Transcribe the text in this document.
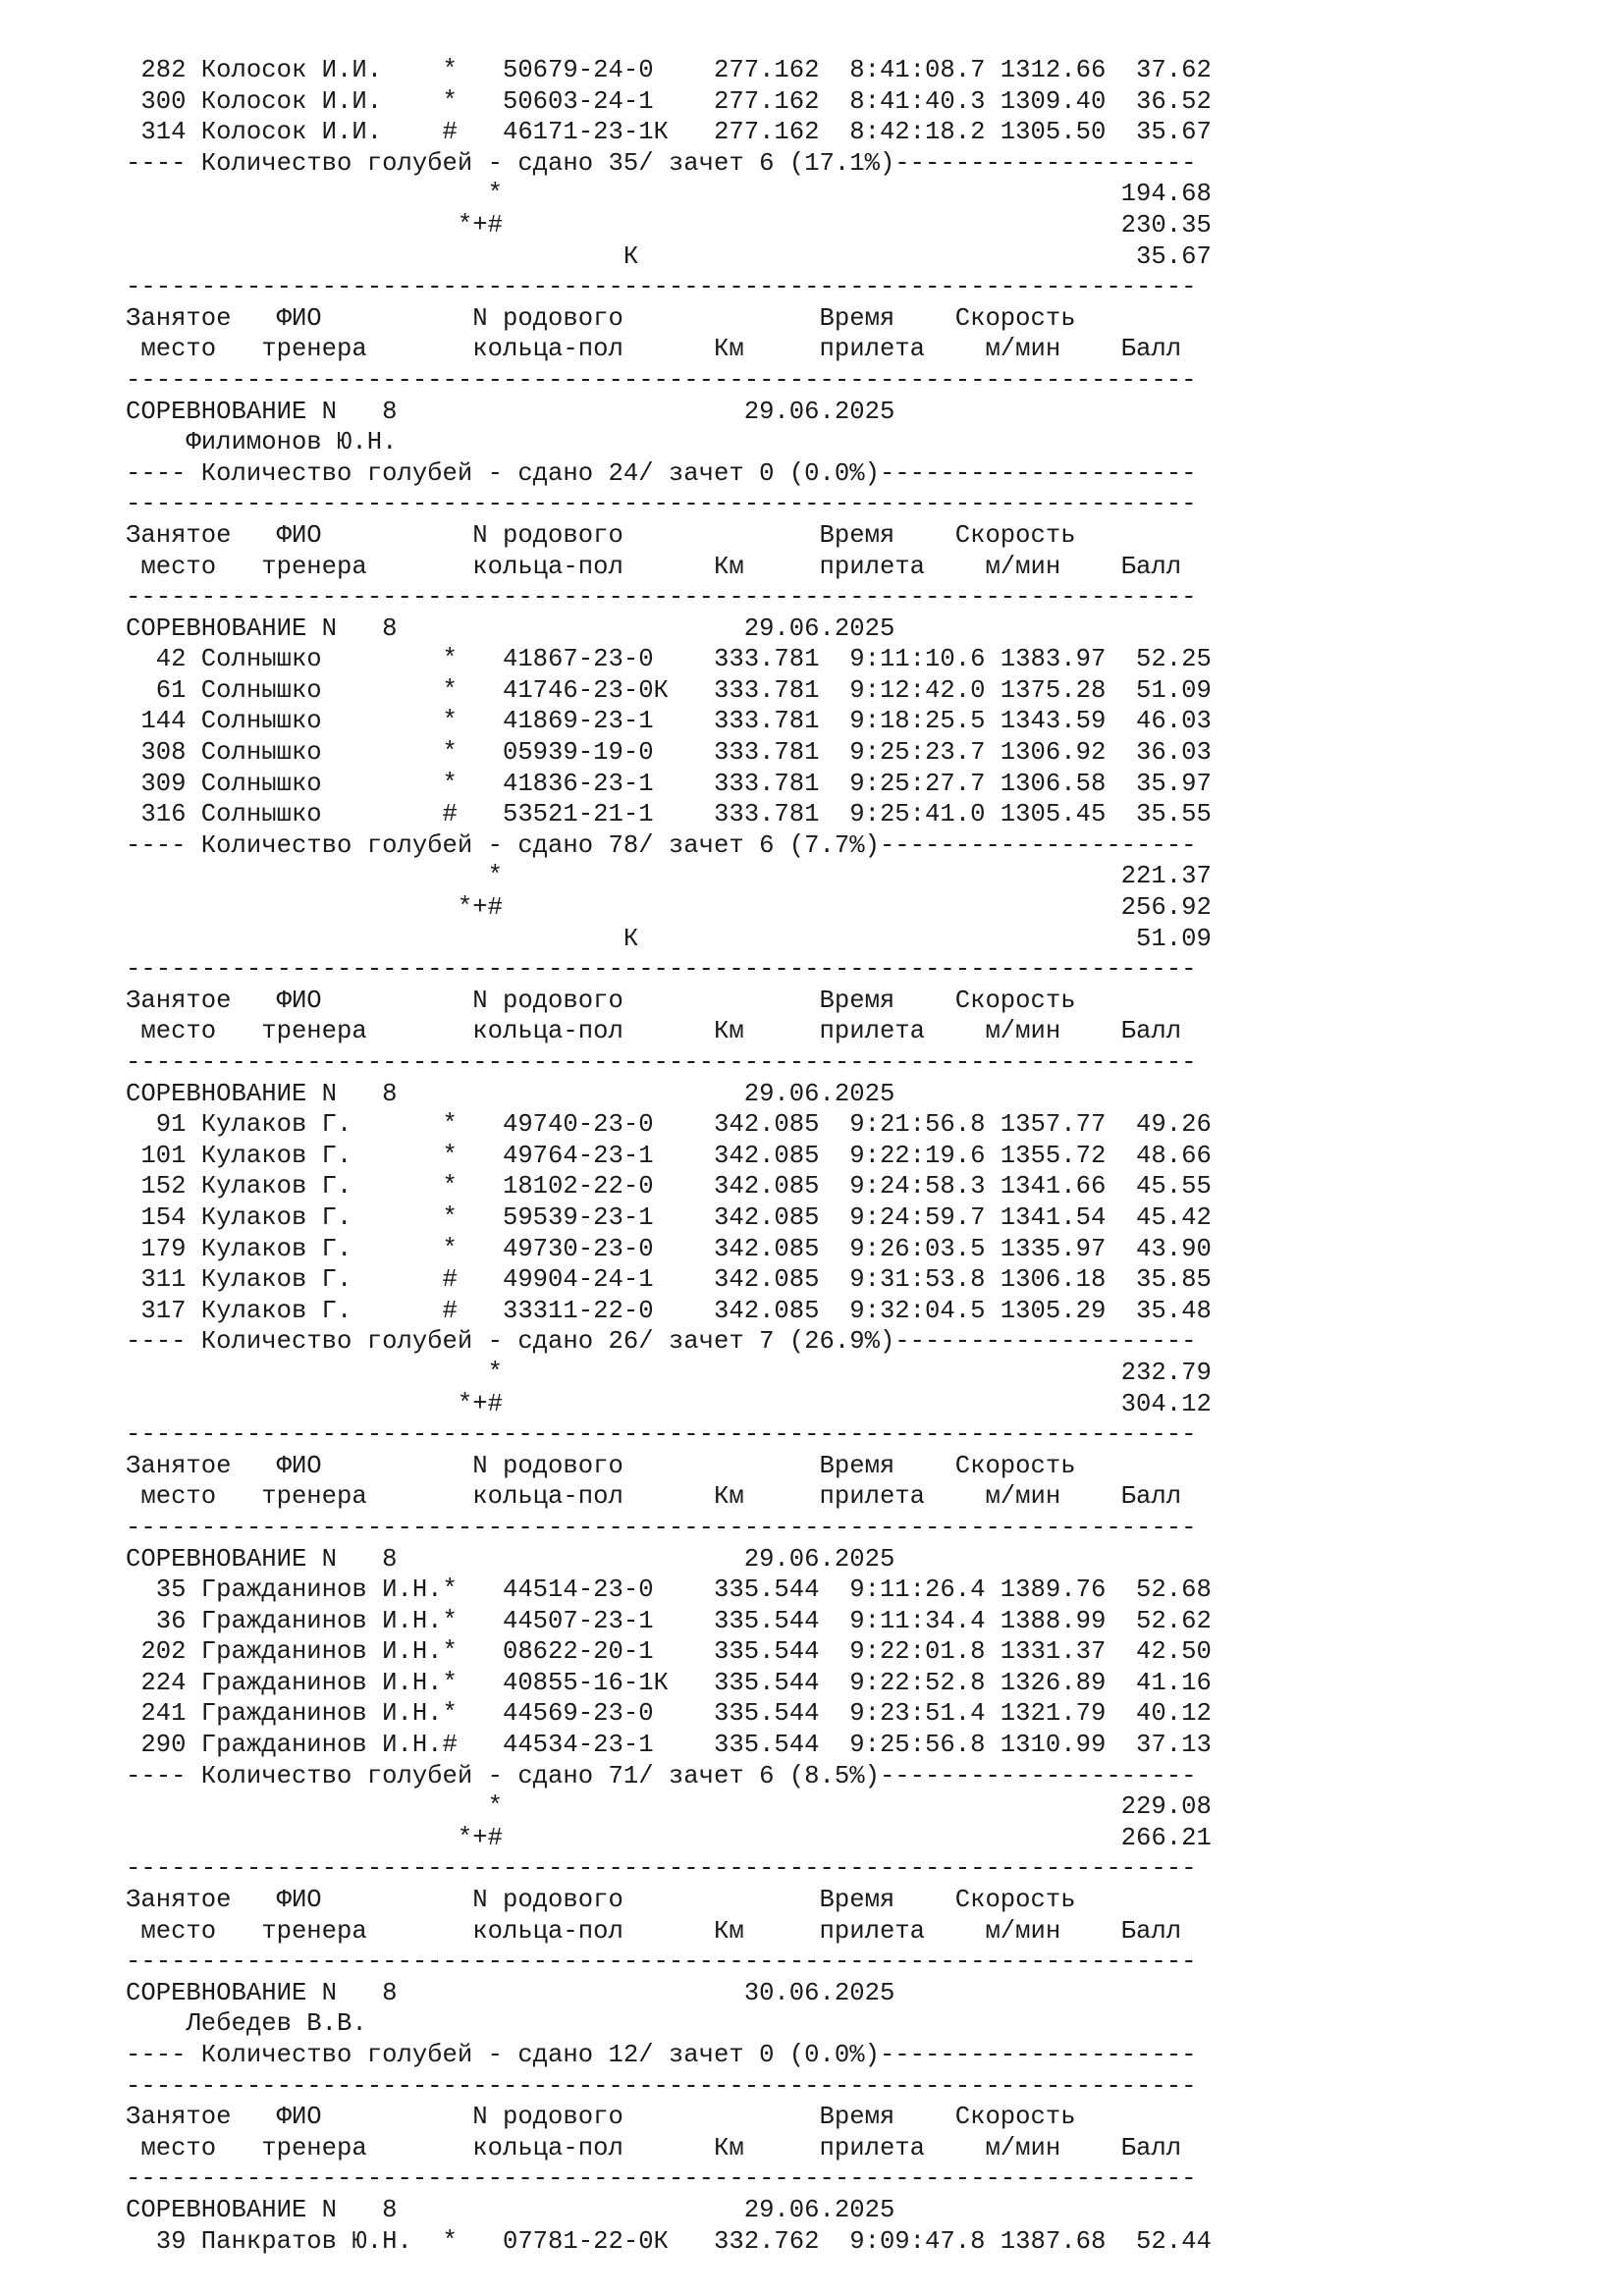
282 Колосок И.И.    *   50679-24-0    277.162  8:41:08.7 1312.66  37.62
300 Колосок И.И.    *   50603-24-1    277.162  8:41:40.3 1309.40  36.52
314 Колосок И.И.    #   46171-23-1К   277.162  8:42:18.2 1305.50  35.67
---- Количество голубей - сдано 35/ зачет 6 (17.1%)--------------------
*                                         194.68
*+#                                         230.35
К                                 35.67
-----------------------------------------------------------------------
Занятое   ФИО          N родового             Время    Скорость
место   тренера       кольца-пол      Км     прилета    м/мин    Балл
-----------------------------------------------------------------------
СОРЕВНОВАНИЕ N   8                       29.06.2025
Филимонов Ю.Н.
---- Количество голубей - сдано 24/ зачет 0 (0.0%)---------------------
-----------------------------------------------------------------------
Занятое   ФИО          N родового             Время    Скорость
место   тренера       кольца-пол      Км     прилета    м/мин    Балл
-----------------------------------------------------------------------
СОРЕВНОВАНИЕ N   8                       29.06.2025
42 Солнышко        *   41867-23-0    333.781  9:11:10.6 1383.97  52.25
61 Солнышко        *   41746-23-0К   333.781  9:12:42.0 1375.28  51.09
144 Солнышко        *   41869-23-1    333.781  9:18:25.5 1343.59  46.03
308 Солнышко        *   05939-19-0    333.781  9:25:23.7 1306.92  36.03
309 Солнышко        *   41836-23-1    333.781  9:25:27.7 1306.58  35.97
316 Солнышко        #   53521-21-1    333.781  9:25:41.0 1305.45  35.55
---- Количество голубей - сдано 78/ зачет 6 (7.7%)---------------------
*                                         221.37
*+#                                         256.92
К                                 51.09
-----------------------------------------------------------------------
Занятое   ФИО          N родового             Время    Скорость
место   тренера       кольца-пол      Км     прилета    м/мин    Балл
-----------------------------------------------------------------------
СОРЕВНОВАНИЕ N   8                       29.06.2025
91 Кулаков Г.      *   49740-23-0    342.085  9:21:56.8 1357.77  49.26
101 Кулаков Г.      *   49764-23-1    342.085  9:22:19.6 1355.72  48.66
152 Кулаков Г.      *   18102-22-0    342.085  9:24:58.3 1341.66  45.55
154 Кулаков Г.      *   59539-23-1    342.085  9:24:59.7 1341.54  45.42
179 Кулаков Г.      *   49730-23-0    342.085  9:26:03.5 1335.97  43.90
311 Кулаков Г.      #   49904-24-1    342.085  9:31:53.8 1306.18  35.85
317 Кулаков Г.      #   33311-22-0    342.085  9:32:04.5 1305.29  35.48
---- Количество голубей - сдано 26/ зачет 7 (26.9%)--------------------
*                                         232.79
*+#                                         304.12
-----------------------------------------------------------------------
Занятое   ФИО          N родового             Время    Скорость
место   тренера       кольца-пол      Км     прилета    м/мин    Балл
-----------------------------------------------------------------------
СОРЕВНОВАНИЕ N   8                       29.06.2025
35 Гражданинов И.Н.*   44514-23-0    335.544  9:11:26.4 1389.76  52.68
36 Гражданинов И.Н.*   44507-23-1    335.544  9:11:34.4 1388.99  52.62
202 Гражданинов И.Н.*   08622-20-1    335.544  9:22:01.8 1331.37  42.50
224 Гражданинов И.Н.*   40855-16-1К   335.544  9:22:52.8 1326.89  41.16
241 Гражданинов И.Н.*   44569-23-0    335.544  9:23:51.4 1321.79  40.12
290 Гражданинов И.Н.#   44534-23-1    335.544  9:25:56.8 1310.99  37.13
---- Количество голубей - сдано 71/ зачет 6 (8.5%)---------------------
*                                         229.08
*+#                                         266.21
-----------------------------------------------------------------------
Занятое   ФИО          N родового             Время    Скорость
место   тренера       кольца-пол      Км     прилета    м/мин    Балл
-----------------------------------------------------------------------
СОРЕВНОВАНИЕ N   8                       30.06.2025
Лебедев В.В.
---- Количество голубей - сдано 12/ зачет 0 (0.0%)---------------------
-----------------------------------------------------------------------
Занятое   ФИО          N родового             Время    Скорость
место   тренера       кольца-пол      Км     прилета    м/мин    Балл
-----------------------------------------------------------------------
СОРЕВНОВАНИЕ N   8                       29.06.2025
39 Панкратов Ю.Н.  *   07781-22-0К   332.762  9:09:47.8 1387.68  52.44
